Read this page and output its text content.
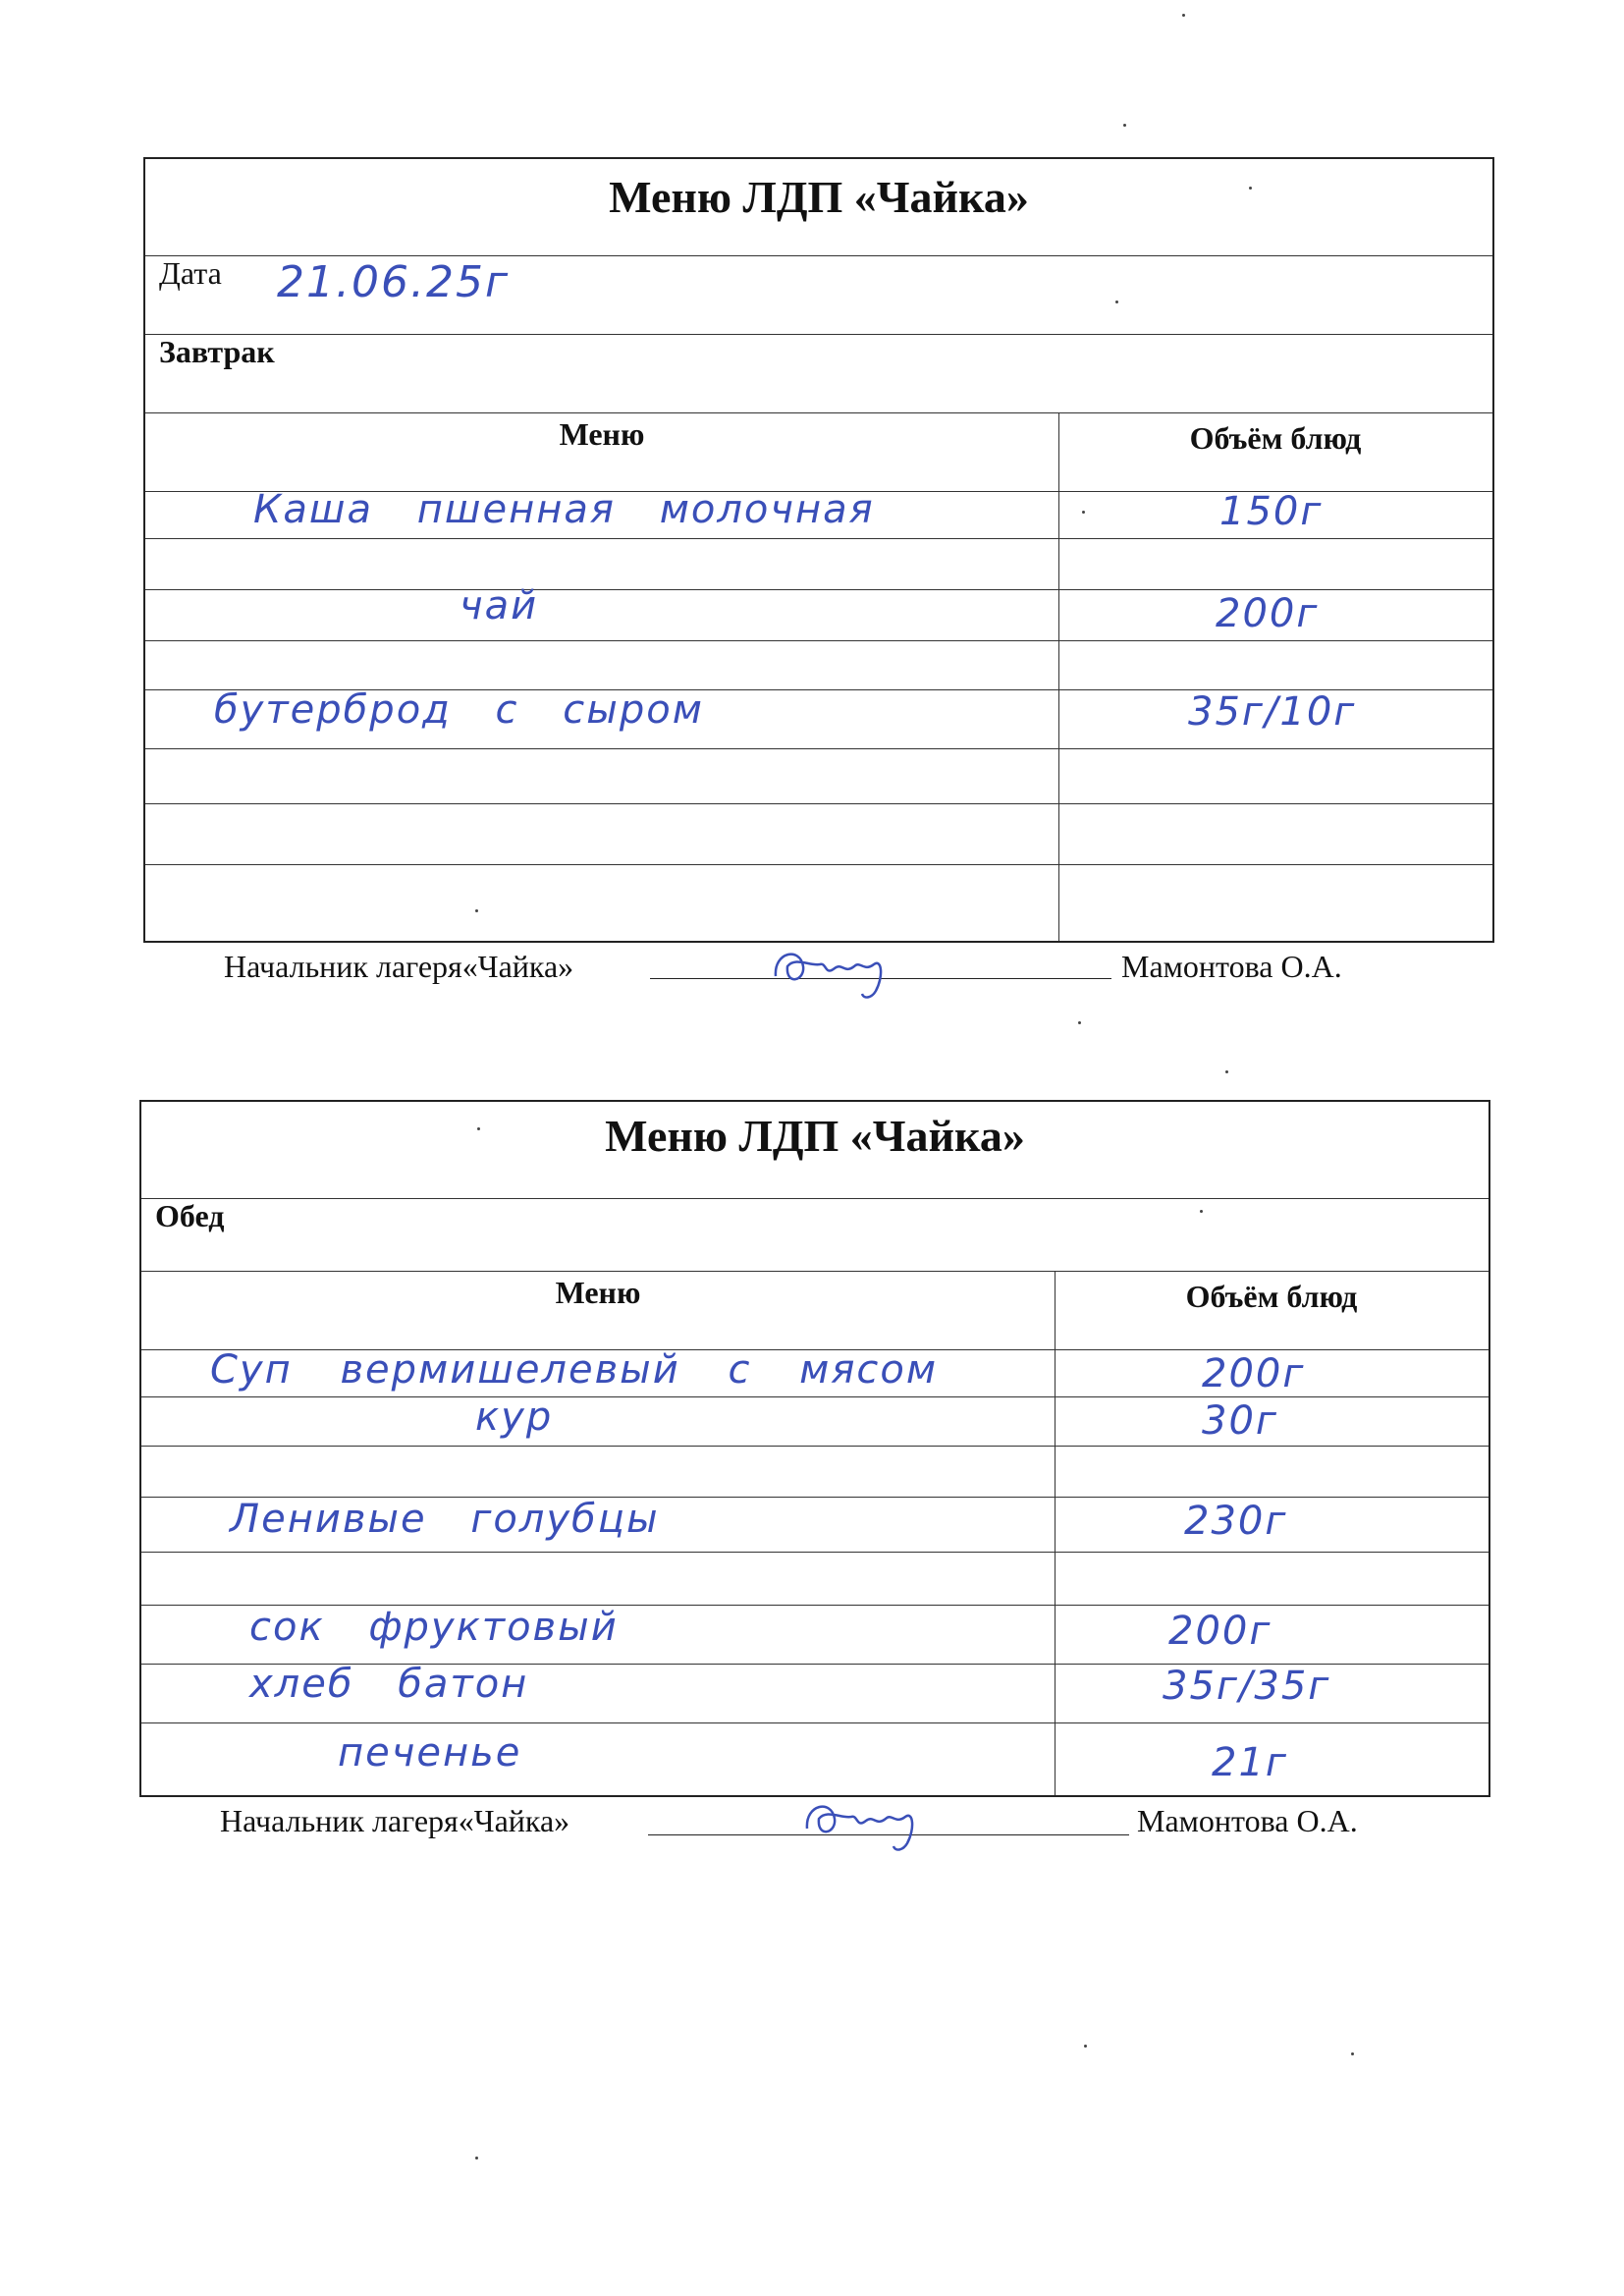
Меню ЛДП «Чайка»
Дата 21.06.25г
Завтрак
Меню	Объём блюд
Каша пшенная молочная	150г
чай	200г
бутерброд с сыром	35г/10г
Начальник лагеря«Чайка»	Мамонтова О.А.
Меню ЛДП «Чайка»
Обед
Меню	Объём блюд
Суп вермишелевый с мясом	200г
кур	30г
Ленивые голубцы	230г
сок фруктовый	200г
хлеб батон	35г/35г
печенье	21г
Начальник лагеря«Чайка»	Мамонтова О.А.
